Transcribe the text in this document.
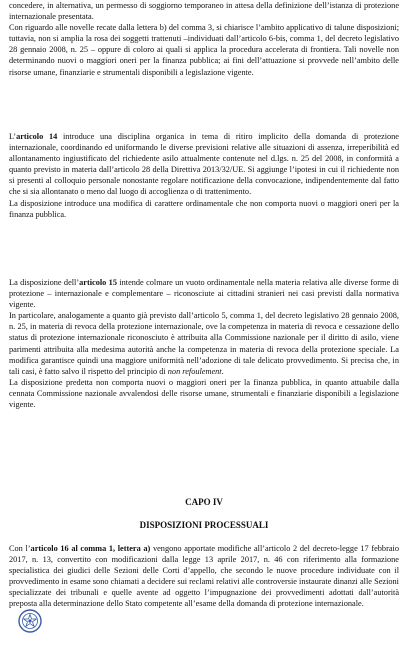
concedere, in alternativa, un permesso di soggiorno temporaneo in attesa della definizione dell’istanza di protezione internazionale presentata.

Con riguardo alle novelle recate dalla lettera b) del comma 3, si chiarisce l’ambito applicativo di talune disposizioni; tuttavia, non si amplia la rosa dei soggetti trattenuti –individuati dall’articolo 6-bis, comma 1, del decreto legislativo 28 gennaio 2008, n. 25 – oppure di coloro ai quali si applica la procedura accelerata di frontiera. Tali novelle non determinando nuovi o maggiori oneri per la finanza pubblica; ai fini dell’attuazione si provvede nell’ambito delle risorse umane, finanziarie e strumentali disponibili a legislazione vigente.

L’articolo 14 introduce una disciplina organica in tema di ritiro implicito della domanda di protezione internazionale, coordinando ed uniformando le diverse previsioni relative alle situazioni di assenza, irreperibilità ed allontanamento ingiustificato del richiedente asilo attualmente contenute nel d.lgs. n. 25 del 2008, in conformità a quanto previsto in materia dall’articolo 28 della Direttiva 2013/32/UE. Si aggiunge l’ipotesi in cui il richiedente non si presenti al colloquio personale nonostante regolare notificazione della convocazione, indipendentemente dal fatto che si sia allontanato o meno dal luogo di accoglienza o di trattenimento.

La disposizione introduce una modifica di carattere ordinamentale che non comporta nuovi o maggiori oneri per la finanza pubblica.

La disposizione dell’articolo 15 intende colmare un vuoto ordinamentale nella materia relativa alle diverse forme di protezione – internazionale e complementare – riconosciute ai cittadini stranieri nei casi previsti dalla normativa vigente.

In particolare, analogamente a quanto già previsto dall’articolo 5, comma 1, del decreto legislativo 28 gennaio 2008, n. 25, in materia di revoca della protezione internazionale, ove la competenza in materia di revoca e cessazione dello status di protezione internazionale riconosciuto è attribuita alla Commissione nazionale per il diritto di asilo, viene parimenti attribuita alla medesima autorità anche la competenza in materia di revoca della protezione speciale. La modifica garantisce quindi una maggiore uniformità nell’adozione di tale delicato provvedimento. Si precisa che, in tali casi, è fatto salvo il rispetto del principio di non refoulement.

La disposizione predetta non comporta nuovi o maggiori oneri per la finanza pubblica, in quanto attuabile dalla cennata Commissione nazionale avvalendosi delle risorse umane, strumentali e finanziarie disponibili a legislazione vigente.

CAPO IV
DISPOSIZIONI PROCESSUALI

Con l’articolo 16 al comma 1, lettera a) vengono apportate modifiche all’articolo 2 del decreto-legge 17 febbraio 2017, n. 13, convertito con modificazioni dalla legge 13 aprile 2017, n. 46 con riferimento alla formazione specialistica dei giudici delle Sezioni delle Corti d’appello, che secondo le nuove procedure individuate con il provvedimento in esame sono chiamati a decidere sui reclami relativi alle controversie instaurate dinanzi alle Sezioni specializzate dei tribunali e quelle avente ad oggetto l’impugnazione dei provvedimenti adottati dall’autorità preposta alla determinazione dello Stato competente all’esame della domanda di protezione internazionale.
